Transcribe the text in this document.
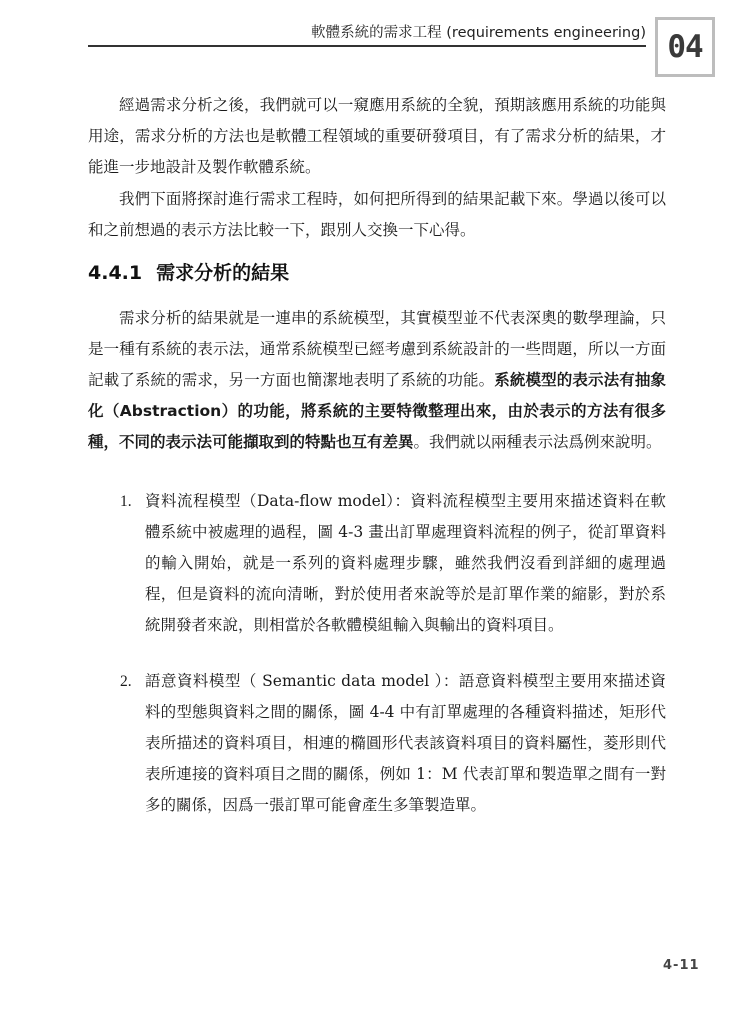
軟體系統的需求工程 (requirements engineering) 04

經過需求分析之後，我們就可以一窺應用系統的全貌，預期該應用系統的功能與用途，需求分析的方法也是軟體工程領域的重要研發項目，有了需求分析的結果，才能進一步地設計及製作軟體系統。

我們下面將探討進行需求工程時，如何把所得到的結果記載下來。學過以後可以和之前想過的表示方法比較一下，跟別人交換一下心得。

4.4.1 需求分析的結果

需求分析的結果就是一連串的系統模型，其實模型並不代表深奧的數學理論，只是一種有系統的表示法，通常系統模型已經考慮到系統設計的一些問題，所以一方面記載了系統的需求，另一方面也簡潔地表明了系統的功能。系統模型的表示法有抽象化（Abstraction）的功能，將系統的主要特徵整理出來，由於表示的方法有很多種，不同的表示法可能擷取到的特點也互有差異。我們就以兩種表示法爲例來說明。

1. 資料流程模型（Data-flow model）：資料流程模型主要用來描述資料在軟體系統中被處理的過程，圖 4-3 畫出訂單處理資料流程的例子，從訂單資料的輸入開始，就是一系列的資料處理步驟，雖然我們沒看到詳細的處理過程，但是資料的流向清晰，對於使用者來說等於是訂單作業的縮影，對於系統開發者來說，則相當於各軟體模組輸入與輸出的資料項目。
2. 語意資料模型（ Semantic data model ）：語意資料模型主要用來描述資料的型態與資料之間的關係，圖 4-4 中有訂單處理的各種資料描述，矩形代表所描述的資料項目，相連的橢圓形代表該資料項目的資料屬性，菱形則代表所連接的資料項目之間的關係，例如 1：M 代表訂單和製造單之間有一對多的關係，因爲一張訂單可能會產生多筆製造單。
4-11
